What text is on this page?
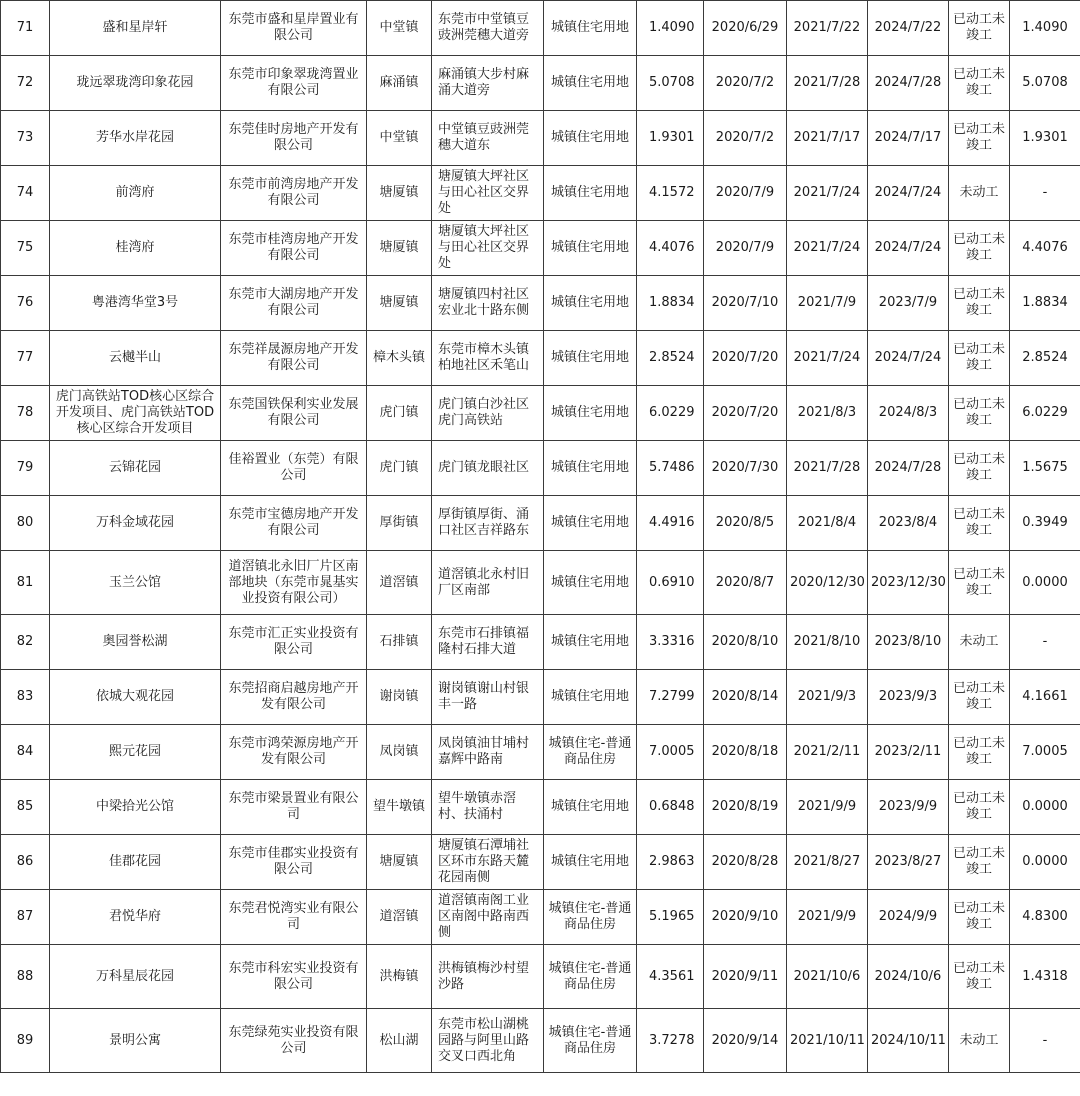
71	盛和星岸轩	东莞市盛和星岸置业有限公司	中堂镇	东莞市中堂镇豆豉洲莞穗大道旁	城镇住宅用地	1.4090	2020/6/29	2021/7/22	2024/7/22	已动工未竣工	1.4090
72	珑远翠珑湾印象花园	东莞市印象翠珑湾置业有限公司	麻涌镇	麻涌镇大步村麻涌大道旁	城镇住宅用地	5.0708	2020/7/2	2021/7/28	2024/7/28	已动工未竣工	5.0708
73	芳华水岸花园	东莞佳时房地产开发有限公司	中堂镇	中堂镇豆豉洲莞穗大道东	城镇住宅用地	1.9301	2020/7/2	2021/7/17	2024/7/17	已动工未竣工	1.9301
74	前湾府	东莞市前湾房地产开发有限公司	塘厦镇	塘厦镇大坪社区与田心社区交界处	城镇住宅用地	4.1572	2020/7/9	2021/7/24	2024/7/24	未动工	-
75	桂湾府	东莞市桂湾房地产开发有限公司	塘厦镇	塘厦镇大坪社区与田心社区交界处	城镇住宅用地	4.4076	2020/7/9	2021/7/24	2024/7/24	已动工未竣工	4.4076
76	粤港湾华堂3号	东莞市大湖房地产开发有限公司	塘厦镇	塘厦镇四村社区宏业北十路东侧	城镇住宅用地	1.8834	2020/7/10	2021/7/9	2023/7/9	已动工未竣工	1.8834
77	云樾半山	东莞祥晟源房地产开发有限公司	樟木头镇	东莞市樟木头镇柏地社区禾笔山	城镇住宅用地	2.8524	2020/7/20	2021/7/24	2024/7/24	已动工未竣工	2.8524
78	虎门高铁站TOD核心区综合开发项目、虎门高铁站TOD核心区综合开发项目	东莞国铁保利实业发展有限公司	虎门镇	虎门镇白沙社区虎门高铁站	城镇住宅用地	6.0229	2020/7/20	2021/8/3	2024/8/3	已动工未竣工	6.0229
79	云锦花园	佳裕置业（东莞）有限公司	虎门镇	虎门镇龙眼社区	城镇住宅用地	5.7486	2020/7/30	2021/7/28	2024/7/28	已动工未竣工	1.5675
80	万科金域花园	东莞市宝德房地产开发有限公司	厚街镇	厚街镇厚街、涌口社区吉祥路东	城镇住宅用地	4.4916	2020/8/5	2021/8/4	2023/8/4	已动工未竣工	0.3949
81	玉兰公馆	道滘镇北永旧厂片区南部地块（东莞市晁基实业投资有限公司）	道滘镇	道滘镇北永村旧厂区南部	城镇住宅用地	0.6910	2020/8/7	2020/12/30	2023/12/30	已动工未竣工	0.0000
82	奥园誉松湖	东莞市汇正实业投资有限公司	石排镇	东莞市石排镇福隆村石排大道	城镇住宅用地	3.3316	2020/8/10	2021/8/10	2023/8/10	未动工	-
83	依城大观花园	东莞招商启越房地产开发有限公司	谢岗镇	谢岗镇谢山村银丰一路	城镇住宅用地	7.2799	2020/8/14	2021/9/3	2023/9/3	已动工未竣工	4.1661
84	熙元花园	东莞市鸿荣源房地产开发有限公司	凤岗镇	凤岗镇油甘埔村嘉辉中路南	城镇住宅-普通商品住房	7.0005	2020/8/18	2021/2/11	2023/2/11	已动工未竣工	7.0005
85	中梁拾光公馆	东莞市梁景置业有限公司	望牛墩镇	望牛墩镇赤滘村、扶涌村	城镇住宅用地	0.6848	2020/8/19	2021/9/9	2023/9/9	已动工未竣工	0.0000
86	佳郡花园	东莞市佳郡实业投资有限公司	塘厦镇	塘厦镇石潭埔社区环市东路天麓花园南侧	城镇住宅用地	2.9863	2020/8/28	2021/8/27	2023/8/27	已动工未竣工	0.0000
87	君悦华府	东莞君悦湾实业有限公司	道滘镇	道滘镇南阁工业区南阁中路南西侧	城镇住宅-普通商品住房	5.1965	2020/9/10	2021/9/9	2024/9/9	已动工未竣工	4.8300
88	万科星辰花园	东莞市科宏实业投资有限公司	洪梅镇	洪梅镇梅沙村望沙路	城镇住宅-普通商品住房	4.3561	2020/9/11	2021/10/6	2024/10/6	已动工未竣工	1.4318
89	景明公寓	东莞绿苑实业投资有限公司	松山湖	东莞市松山湖桃园路与阿里山路交叉口西北角	城镇住宅-普通商品住房	3.7278	2020/9/14	2021/10/11	2024/10/11	未动工	-
